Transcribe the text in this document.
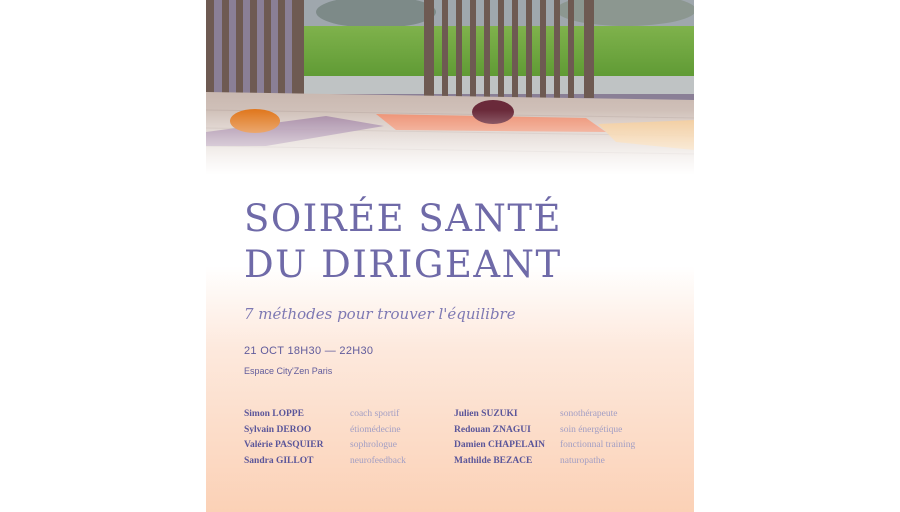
SOIRÉE SANTÉ
DU DIRIGEANT

7 méthodes pour trouver l'équilibre

21 OCT 18H30 — 22H30
Espace City'Zen Paris
Simon LOPPE	coach sportif
Sylvain DEROO	étiomédecine
Valérie PASQUIER	sophrologue
Sandra GILLOT	neurofeedback
Julien SUZUKI	sonothérapeute
Redouan ZNAGUI	soin énergétique
Damien CHAPELAIN	fonctionnal training
Mathilde BEZACE	naturopathe
